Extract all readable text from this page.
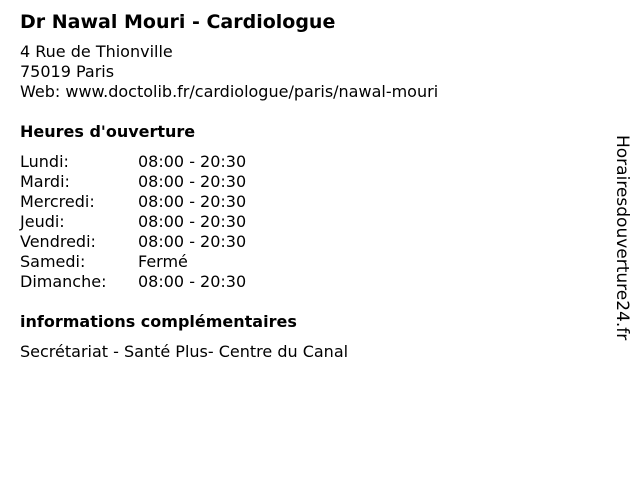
Dr Nawal Mouri - Cardiologue
4 Rue de Thionville
75019 Paris
Web: www.doctolib.fr/cardiologue/paris/nawal-mouri
Heures d'ouverture
Lundi:	08:00 - 20:30
Mardi:	08:00 - 20:30
Mercredi:	08:00 - 20:30
Jeudi:	08:00 - 20:30
Vendredi:	08:00 - 20:30
Samedi:	Fermé
Dimanche:	08:00 - 20:30
informations complémentaires
Secrétariat - Santé Plus- Centre du Canal
Horairesdouverture24.fr
